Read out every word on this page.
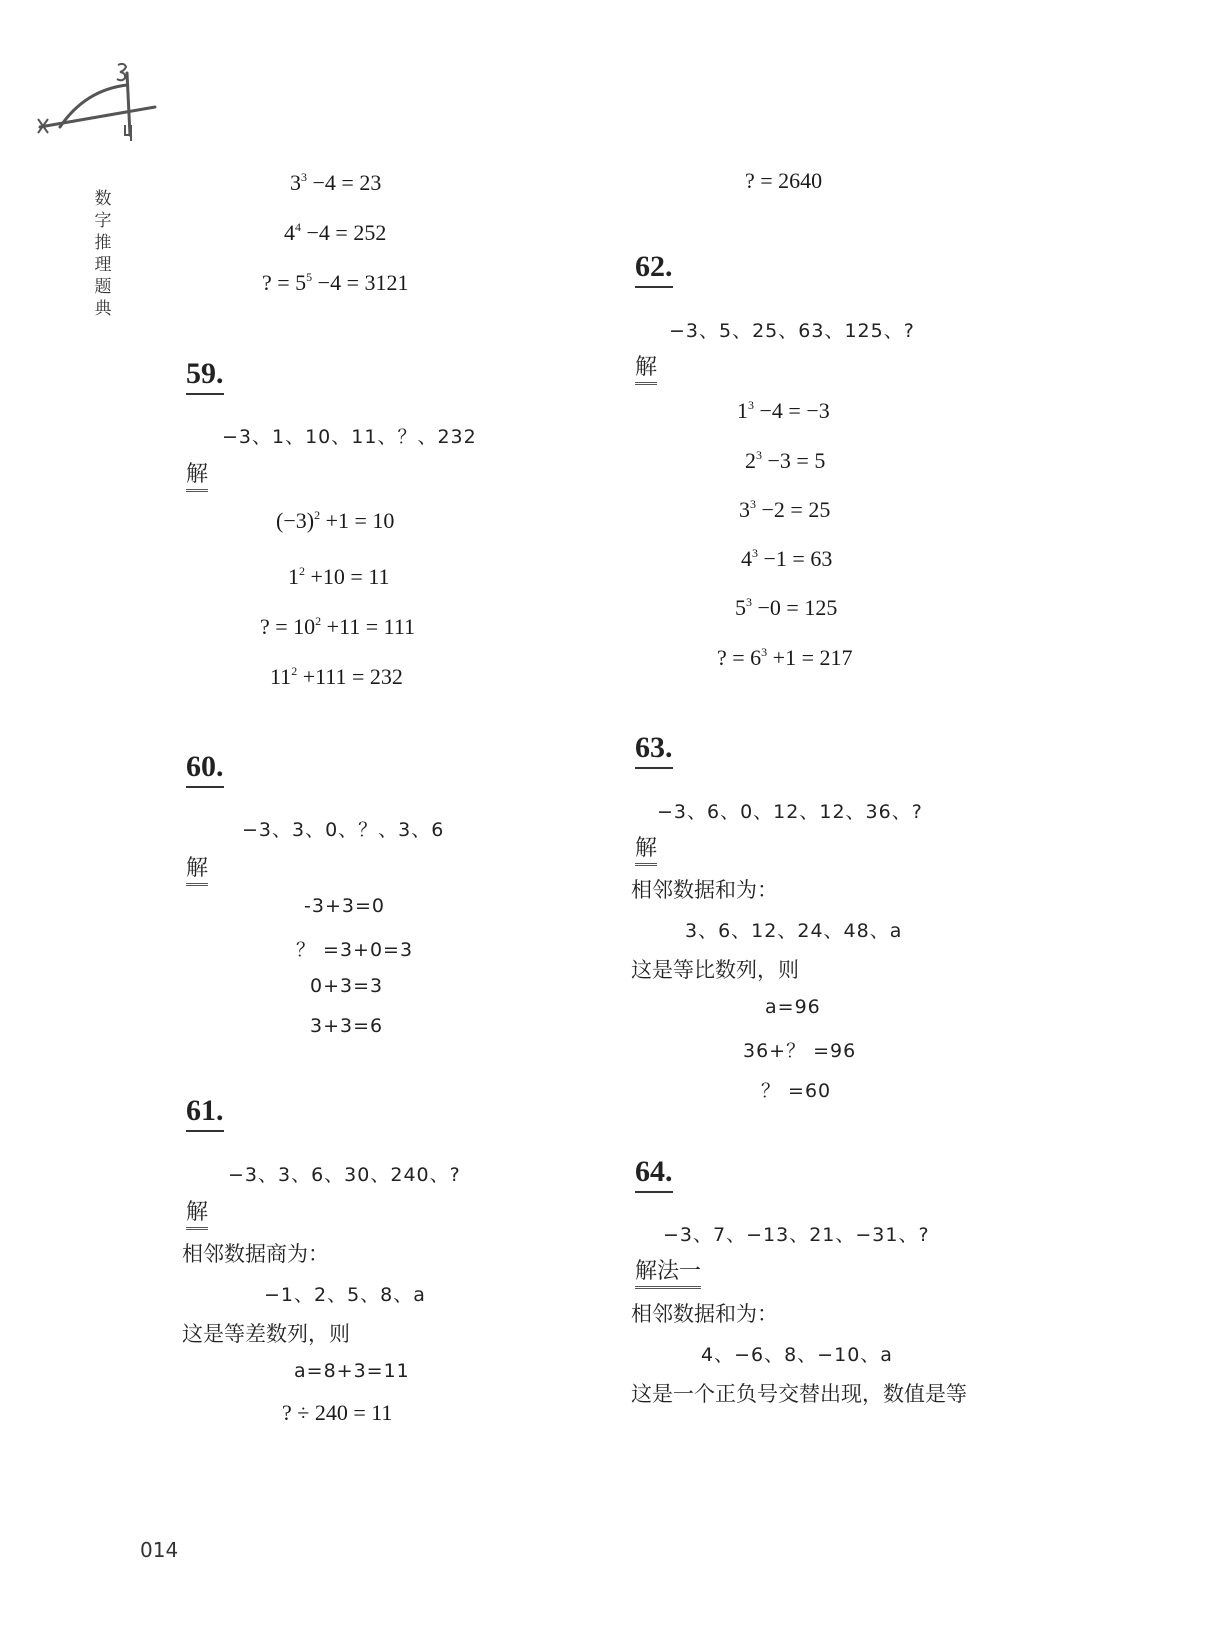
数字推理题典
$3^3 -4 = 23$
$4^4 -4 = 252$
? = $5^5 -4 = 3121$
59.
−3、1、10、11、？、232
解
$(-3)^2 +1 = 10$
$1^2 +10 = 11$
? = $10^2 +11 = 111$
$11^2 +111 = 232$
60.
−3、3、0、？、3、6
解
-3+3=0
？ =3+0=3
0+3=3
3+3=6
61.
−3、3、6、30、240、?
解
相邻数据商为：
−1、2、5、8、a
这是等差数列，则
a=8+3=11
? ÷ 240 = 11
? = 2640
62.
−3、5、25、63、125、?
解
$1^3 -4 = -3$
$2^3 -3 = 5$
$3^3 -2 = 25$
$4^3 -1 = 63$
$5^3 -0 = 125$
? = $6^3 +1 = 217$
63.
−3、6、0、12、12、36、?
解
相邻数据和为：
3、6、12、24、48、a
这是等比数列，则
a=96
36+？ =96
？ =60
64.
−3、7、−13、21、−31、?
解法一
相邻数据和为：
4、−6、8、−10、a
这是一个正负号交替出现，数值是等
014
